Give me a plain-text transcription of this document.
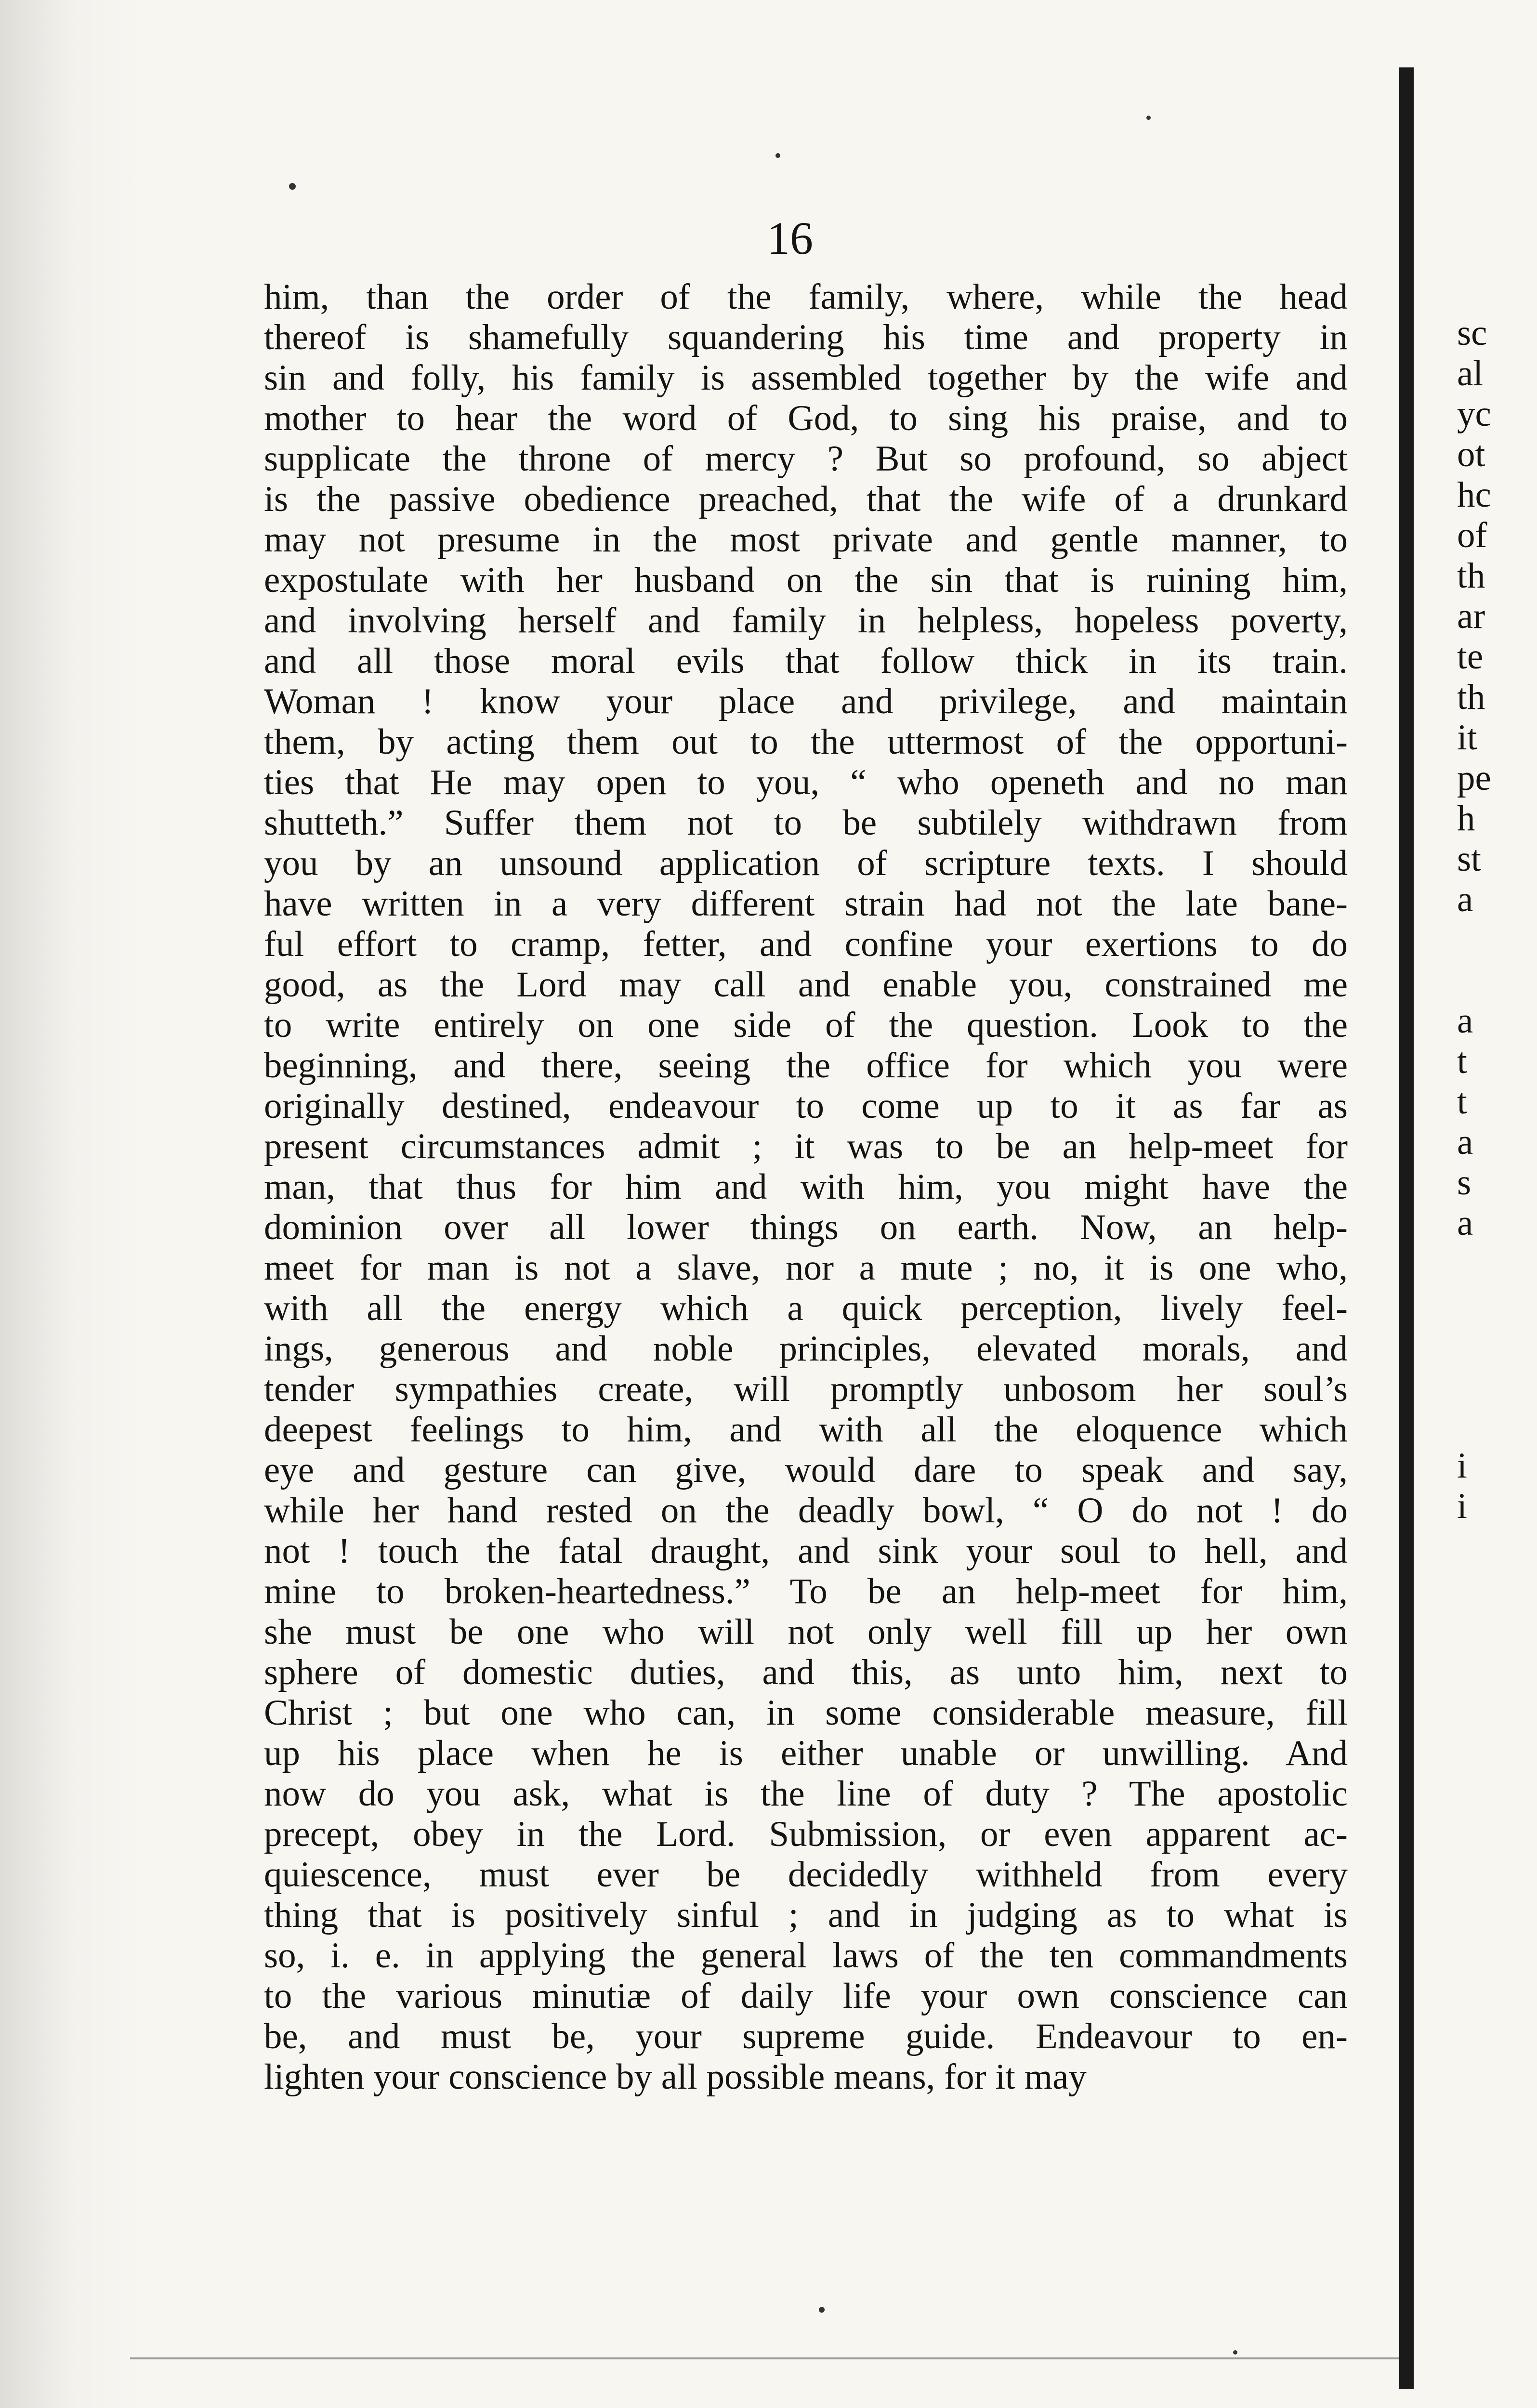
16
him, than the order of the family, where, while the head
thereof is shamefully squandering his time and property in
sin and folly, his family is assembled together by the wife and
mother to hear the word of God, to sing his praise, and to
supplicate the throne of mercy ? But so profound, so abject
is the passive obedience preached, that the wife of a drunkard
may not presume in the most private and gentle manner, to
expostulate with her husband on the sin that is ruining him,
and involving herself and family in helpless, hopeless poverty,
and all those moral evils that follow thick in its train.
Woman ! know your place and privilege, and maintain
them, by acting them out to the uttermost of the opportuni-
ties that He may open to you, “ who openeth and no man
shutteth.” Suffer them not to be subtilely withdrawn from
you by an unsound application of scripture texts. I should
have written in a very different strain had not the late bane-
ful effort to cramp, fetter, and confine your exertions to do
good, as the Lord may call and enable you, constrained me
to write entirely on one side of the question. Look to the
beginning, and there, seeing the office for which you were
originally destined, endeavour to come up to it as far as
present circumstances admit ; it was to be an help-meet for
man, that thus for him and with him, you might have the
dominion over all lower things on earth. Now, an help-
meet for man is not a slave, nor a mute ; no, it is one who,
with all the energy which a quick perception, lively feel-
ings, generous and noble principles, elevated morals, and
tender sympathies create, will promptly unbosom her soul’s
deepest feelings to him, and with all the eloquence which
eye and gesture can give, would dare to speak and say,
while her hand rested on the deadly bowl, “ O do not ! do
not ! touch the fatal draught, and sink your soul to hell, and
mine to broken-heartedness.” To be an help-meet for him,
she must be one who will not only well fill up her own
sphere of domestic duties, and this, as unto him, next to
Christ ; but one who can, in some considerable measure, fill
up his place when he is either unable or unwilling. And
now do you ask, what is the line of duty ? The apostolic
precept, obey in the Lord. Submission, or even apparent ac-
quiescence, must ever be decidedly withheld from every
thing that is positively sinful ; and in judging as to what is
so, i. e. in applying the general laws of the ten commandments
to the various minutiæ of daily life your own conscience can
be, and must be, your supreme guide. Endeavour to en-
lighten your conscience by all possible means, for it may
sc
al
yc
ot
hc
of
th
ar
te
th
it
pe
h
st
a
a
t
t
a
s
a
i
i
